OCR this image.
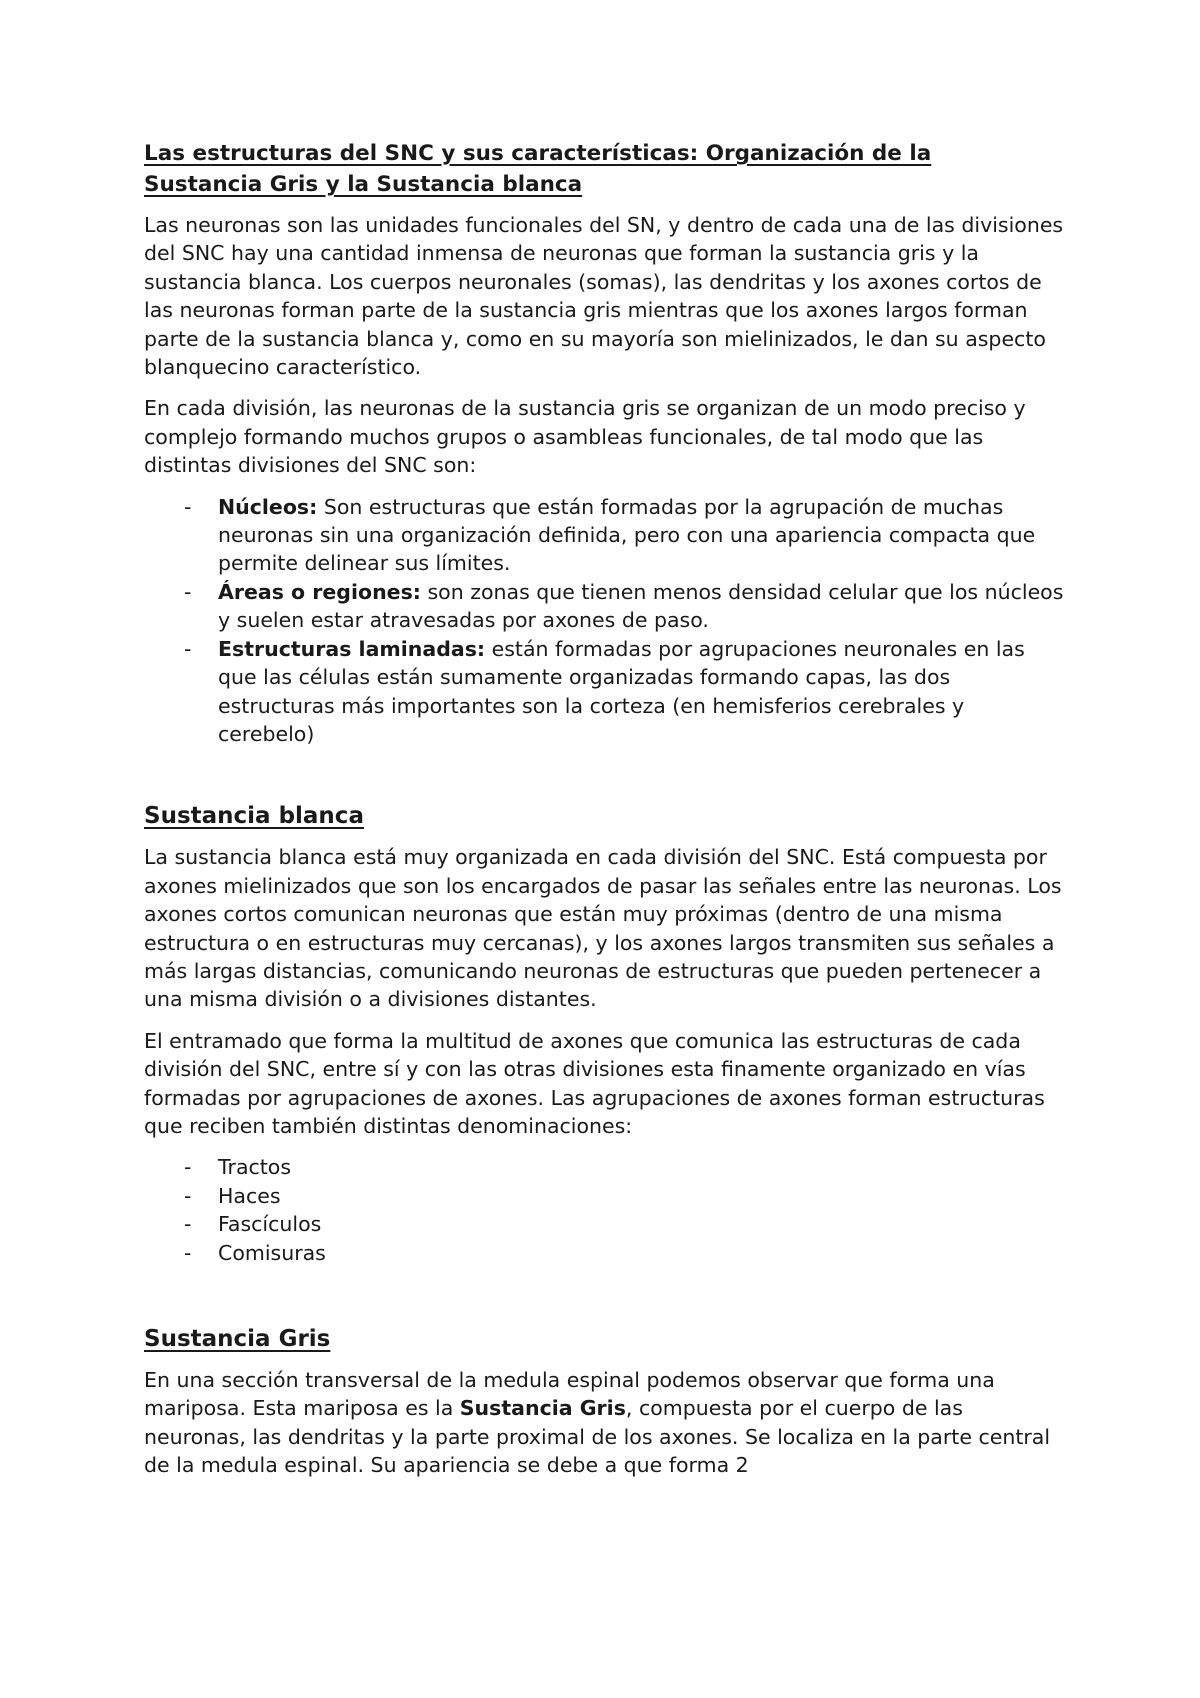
Las estructuras del SNC y sus características: Organización de la
Sustancia Gris y la Sustancia blanca

Las neuronas son las unidades funcionales del SN, y dentro de cada una de las divisiones del SNC hay una cantidad inmensa de neuronas que forman la sustancia gris y la sustancia blanca. Los cuerpos neuronales (somas), las dendritas y los axones cortos de las neuronas forman parte de la sustancia gris mientras que los axones largos forman parte de la sustancia blanca y, como en su mayoría son mielinizados, le dan su aspecto blanquecino característico.

En cada división, las neuronas de la sustancia gris se organizan de un modo preciso y complejo formando muchos grupos o asambleas funcionales, de tal modo que las distintas divisiones del SNC son:

- Núcleos: Son estructuras que están formadas por la agrupación de muchas neuronas sin una organización definida, pero con una apariencia compacta que permite delinear sus límites.
- Áreas o regiones: son zonas que tienen menos densidad celular que los núcleos y suelen estar atravesadas por axones de paso.
- Estructuras laminadas: están formadas por agrupaciones neuronales en las que las células están sumamente organizadas formando capas, las dos estructuras más importantes son la corteza (en hemisferios cerebrales y cerebelo)
Sustancia blanca

La sustancia blanca está muy organizada en cada división del SNC. Está compuesta por axones mielinizados que son los encargados de pasar las señales entre las neuronas. Los axones cortos comunican neuronas que están muy próximas (dentro de una misma estructura o en estructuras muy cercanas), y los axones largos transmiten sus señales a más largas distancias, comunicando neuronas de estructuras que pueden pertenecer a una misma división o a divisiones distantes.

El entramado que forma la multitud de axones que comunica las estructuras de cada división del SNC, entre sí y con las otras divisiones esta finamente organizado en vías formadas por agrupaciones de axones. Las agrupaciones de axones forman estructuras que reciben también distintas denominaciones:

- Tractos
- Haces
- Fascículos
- Comisuras
Sustancia Gris

En una sección transversal de la medula espinal podemos observar que forma una mariposa. Esta mariposa es la Sustancia Gris, compuesta por el cuerpo de las neuronas, las dendritas y la parte proximal de los axones. Se localiza en la parte central de la medula espinal. Su apariencia se debe a que forma 2
